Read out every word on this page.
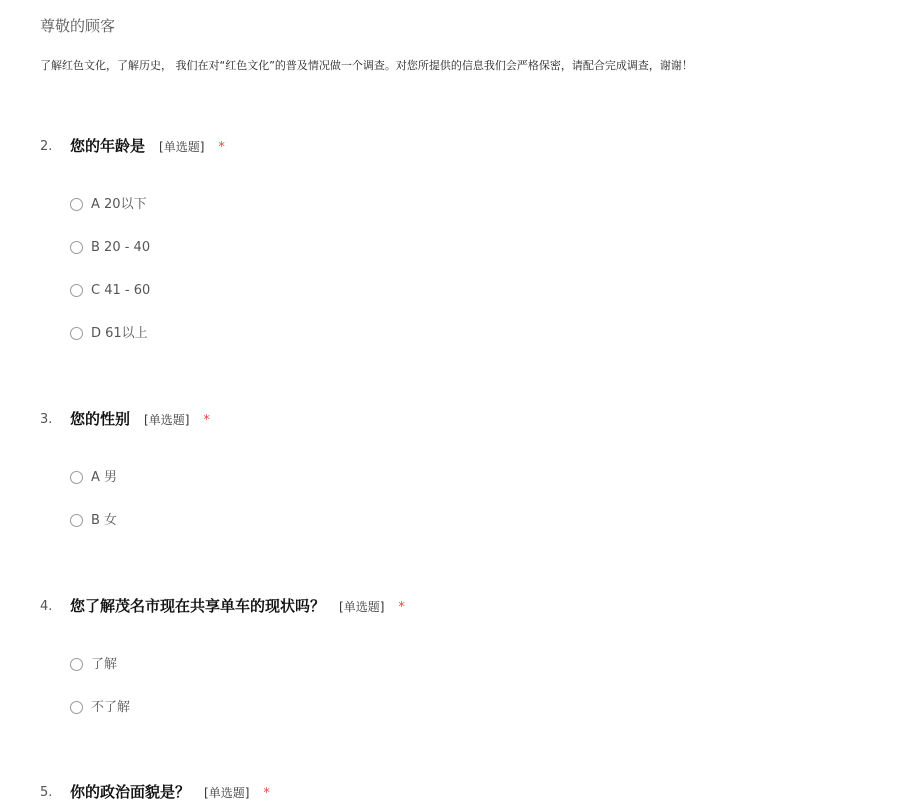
尊敬的顾客
了解红色文化，了解历史， 我们在对“红色文化”的普及情况做一个调查。对您所提供的信息我们会严格保密，请配合完成调查，谢谢！
2. 您的年龄是 [单选题] *
A 20以下
B 20 - 40
C 41 - 60
D 61以上
3. 您的性别 [单选题] *
A 男
B 女
4. 您了解茂名市现在共享单车的现状吗？ [单选题] *
了解
不了解
5. 你的政治面貌是？ [单选题] *
